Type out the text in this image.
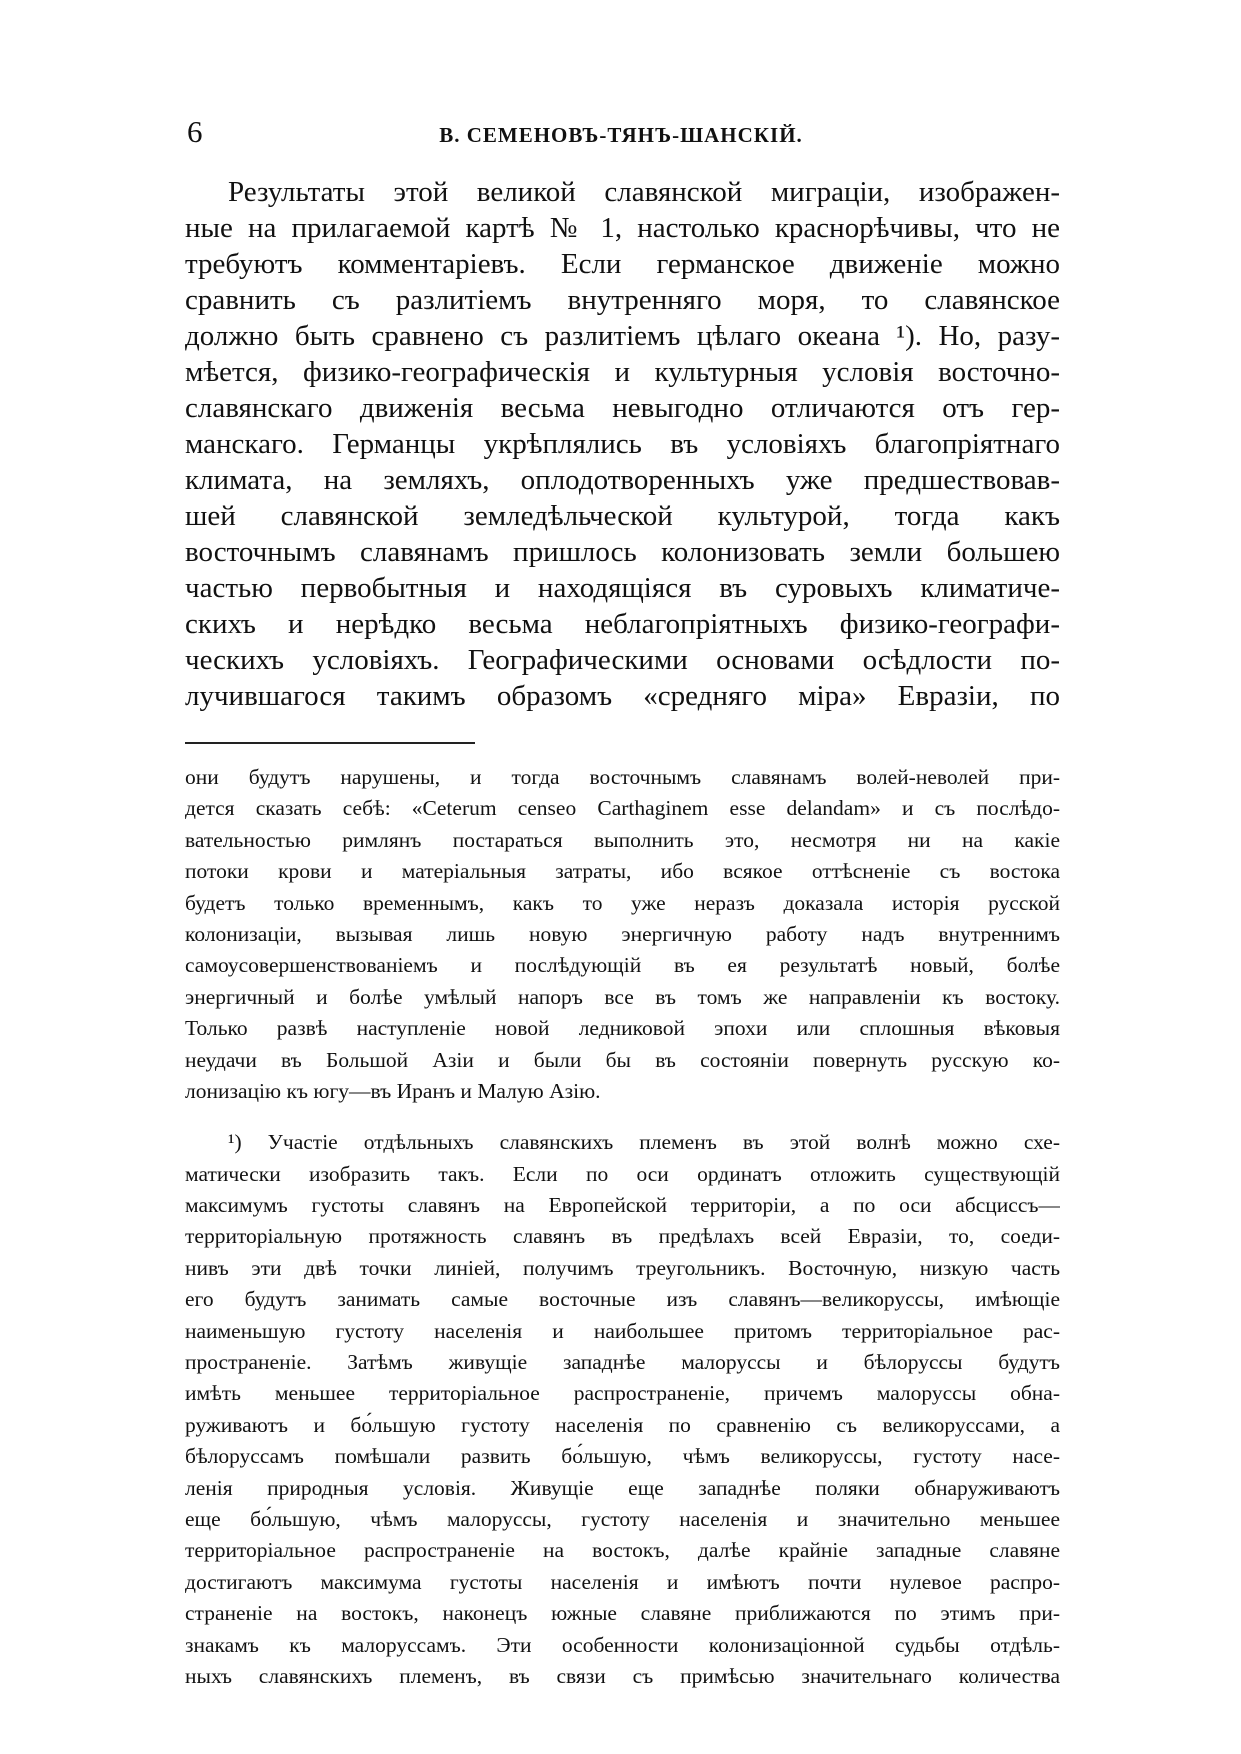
6	В. СЕМЕНОВЪ-ТЯНЪ-ШАНСКІЙ.
Результаты этой великой славянской миграціи, изображен-
ные на прилагаемой картѣ № 1, настолько краснорѣчивы, что не
требуютъ комментаріевъ. Если германское движеніе можно
сравнить съ разлитіемъ внутренняго моря, то славянское
должно быть сравнено съ разлитіемъ цѣлаго океана ¹). Но, разу-
мѣется, физико-географическія и культурныя условія восточно-
славянскаго движенія весьма невыгодно отличаются отъ гер-
манскаго. Германцы укрѣплялись въ условіяхъ благопріятнаго
климата, на земляхъ, оплодотворенныхъ уже предшествовав-
шей славянской земледѣльческой культурой, тогда какъ
восточнымъ славянамъ пришлось колонизовать земли большею
частью первобытныя и находящіяся въ суровыхъ климатиче-
скихъ и нерѣдко весьма неблагопріятныхъ физико-географи-
ческихъ условіяхъ. Географическими основами осѣдлости по-
лучившагося такимъ образомъ «средняго міра» Евразіи, по
они будутъ нарушены, и тогда восточнымъ славянамъ волей-неволей при-
дется сказать себѣ: «Ceterum censeo Carthaginem esse delandam» и съ послѣдо-
вательностью римлянъ постараться выполнить это, несмотря ни на какіе
потоки крови и матеріальныя затраты, ибо всякое оттѣсненіе съ востока
будетъ только временнымъ, какъ то уже неразъ доказала исторія русской
колонизаціи, вызывая лишь новую энергичную работу надъ внутреннимъ
самоусовершенствованіемъ и послѣдующій въ ея результатѣ новый, болѣе
энергичный и болѣе умѣлый напоръ все въ томъ же направленіи къ востоку.
Только развѣ наступленіе новой ледниковой эпохи или сплошныя вѣковыя
неудачи въ Большой Азіи и были бы въ состояніи повернуть русскую ко-
лонизацію къ югу—въ Иранъ и Малую Азію.
¹) Участіе отдѣльныхъ славянскихъ племенъ въ этой волнѣ можно схе-
матически изобразить такъ. Если по оси ординатъ отложить существующій
максимумъ густоты славянъ на Европейской территоріи, а по оси абсциссъ—
территоріальную протяжность славянъ въ предѣлахъ всей Евразіи, то, соеди-
нивъ эти двѣ точки линіей, получимъ треугольникъ. Восточную, низкую часть
его будутъ занимать самые восточные изъ славянъ—великоруссы, имѣющіе
наименьшую густоту населенія и наибольшее притомъ территоріальное рас-
пространеніе. Затѣмъ живущіе западнѣе малоруссы и бѣлоруссы будутъ
имѣть меньшее территоріальное распространеніе, причемъ малоруссы обна-
руживаютъ и бо́льшую густоту населенія по сравненію съ великоруссами, а
бѣлоруссамъ помѣшали развить бо́льшую, чѣмъ великоруссы, густоту насе-
ленія природныя условія. Живущіе еще западнѣе поляки обнаруживаютъ
еще бо́льшую, чѣмъ малоруссы, густоту населенія и значительно меньшее
территоріальное распространеніе на востокъ, далѣе крайніе западные славяне
достигаютъ максимума густоты населенія и имѣютъ почти нулевое распро-
страненіе на востокъ, наконецъ южные славяне приближаются по этимъ при-
знакамъ къ малоруссамъ. Эти особенности колонизаціонной судьбы отдѣль-
ныхъ славянскихъ племенъ, въ связи съ примѣсью значительнаго количества
